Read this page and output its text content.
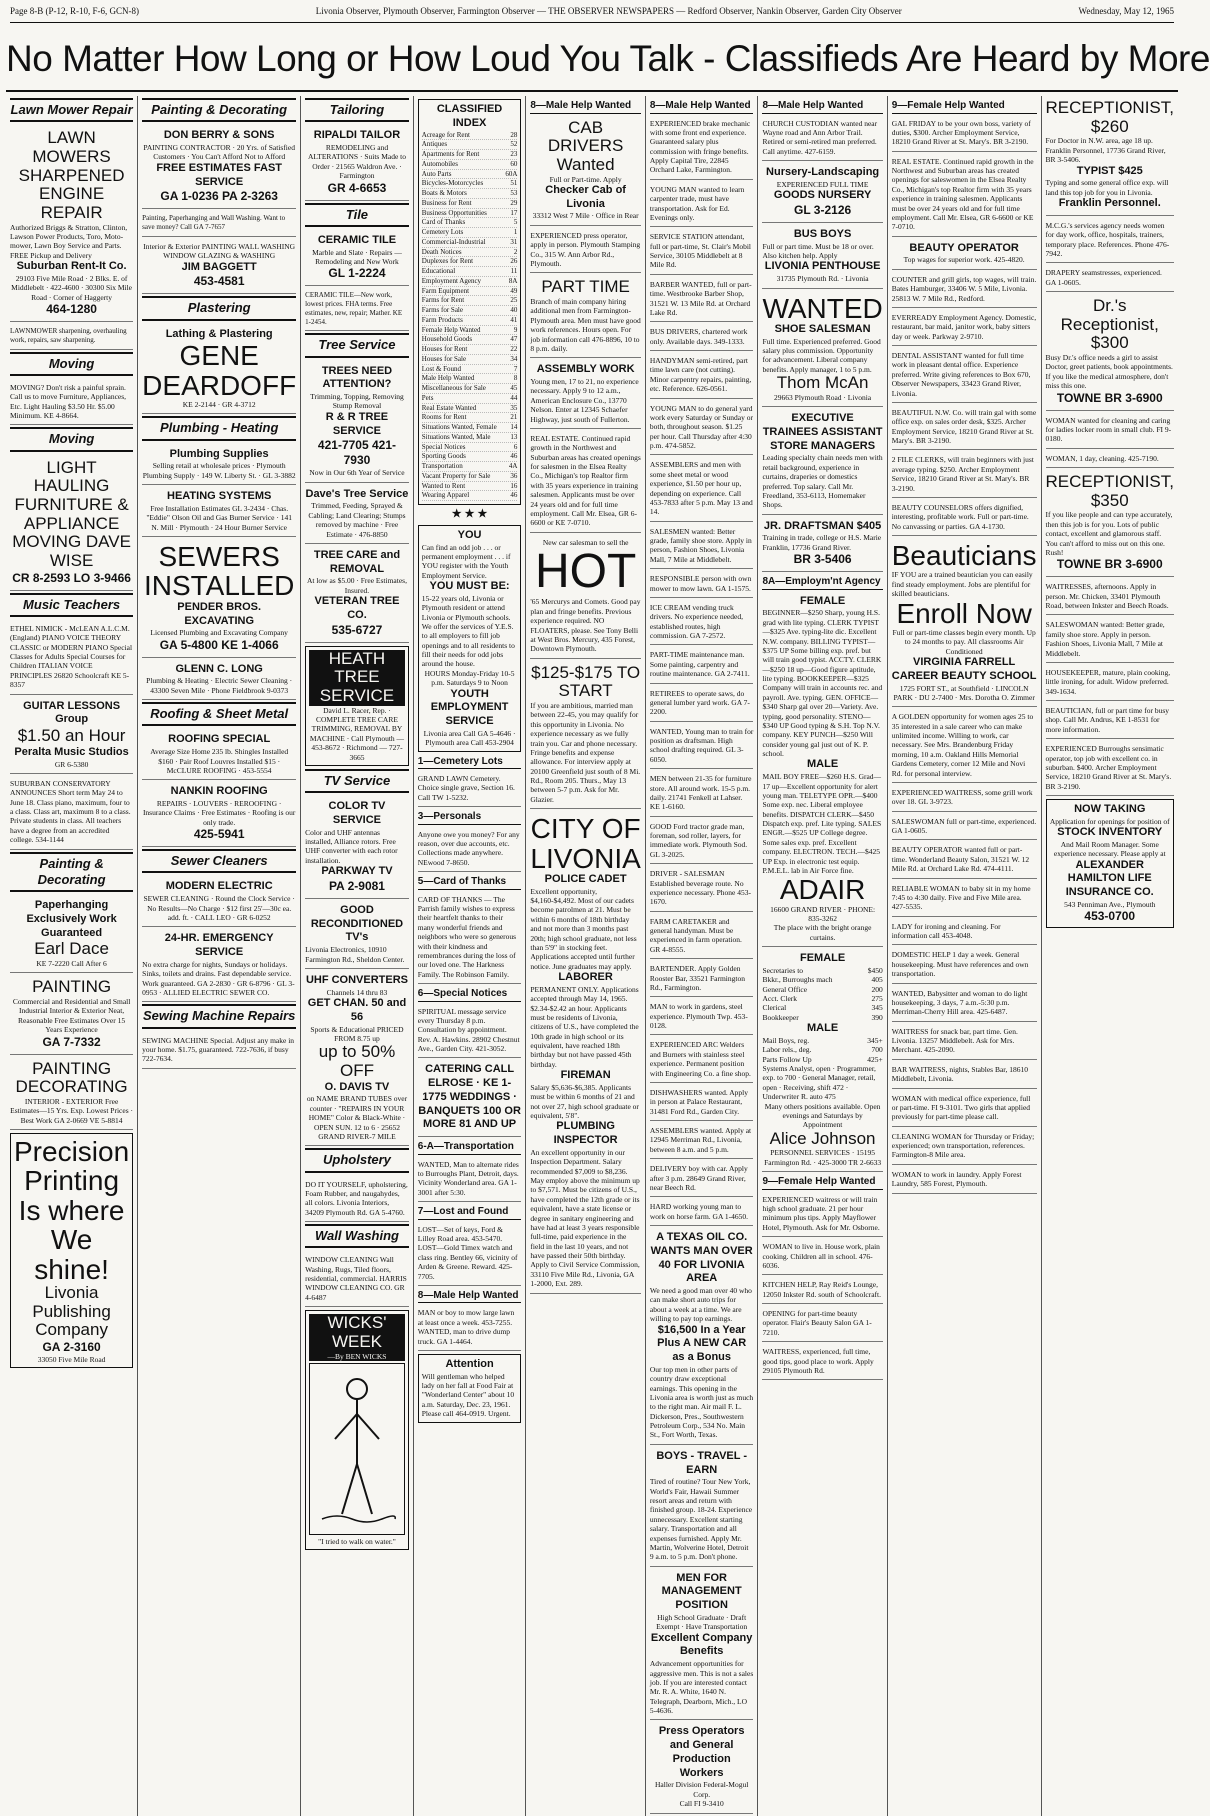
Page 8-B (P-12, R-10, F-6, GCN-8)	Livonia Observer, Plymouth Observer, Farmington Observer — THE OBSERVER NEWSPAPERS — Redford Observer, Nankin Observer, Garden City Observer	Wednesday, May 12, 1965
No Matter How Long or How Loud You Talk - Classifieds Are Heard by More
Lawn Mower Repair
LAWN MOWERS SHARPENED ENGINE REPAIR
Authorized Briggs & Stratton, Clinton, Lawson Power Products, Toro, Moto-mower, Lawn Boy Service and Parts. FREE Pickup and Delivery
Suburban Rent-It Co.
29103 Five Mile Road · 2 Blks. E. of Middlebelt · 422-4600 · 30300 Six Mile Road · Corner of Haggerty
464-1280
LAWNMOWER sharpening, overhauling work, repairs, saw sharpening.
Moving
MOVING? Don't risk a painful sprain. Call us to move Furniture, Appliances, Etc. Light Hauling $3.50 Hr. $5.00 Minimum. KE 4-8664.
Moving
LIGHT HAULING FURNITURE & APPLIANCE MOVING DAVE WISE
CR 8-2593 LO 3-9466
Music Teachers
ETHEL NIMICK - McLEAN A.L.C.M. (England) PIANO VOICE THEORY CLASSIC or MODERN PIANO Special Classes for Adults Special Courses for Children ITALIAN VOICE PRINCIPLES 26820 Schoolcraft KE 5-8357
GUITAR LESSONS Group
$1.50 an Hour
Peralta Music Studios
GR 6-5380
SUBURBAN CONSERVATORY ANNOUNCES Short term May 24 to June 18. Class piano, maximum, four to a class. Class art, maximum 8 to a class. Private students in class. All teachers have a degree from an accredited college. 534-1144
Painting & Decorating
Paperhanging Exclusively Work Guaranteed
Earl Dace
KE 7-2220 Call After 6
PAINTING
Commercial and Residential and Small Industrial Interior & Exterior Neat, Reasonable Free Estimates Over 15 Years Experience
GA 7-7332
PAINTING DECORATING
INTERIOR - EXTERIOR Free Estimates—15 Yrs. Exp. Lowest Prices · Best Work GA 2-0669 VE 5-8814
Precision Printing Is where We shine!
Livonia Publishing Company
GA 2-3160
33050 Five Mile Road
Painting & Decorating
DON BERRY & SONS
PAINTING CONTRACTOR · 20 Yrs. of Satisfied Customers · You Can't Afford Not to Afford
FREE ESTIMATES FAST SERVICE
GA 1-0236 PA 2-3263
Painting, Paperhanging and Wall Washing. Want to save money? Call GA 7-7657
Interior & Exterior PAINTING WALL WASHING WINDOW GLAZING & WASHING
JIM BAGGETT
453-4581
Plastering
Lathing & Plastering
GENE DEARDOFF
KE 2-2144 · GR 4-3712
Plumbing - Heating
Plumbing Supplies
Selling retail at wholesale prices · Plymouth Plumbing Supply · 149 W. Liberty St. · GL 3-3882
HEATING SYSTEMS
Free Installation Estimates GL 3-2434 · Chas. "Eddie" Olson Oil and Gas Burner Service · 141 N. Mill · Plymouth · 24 Hour Burner Service
SEWERS INSTALLED
PENDER BROS. EXCAVATING
Licensed Plumbing and Excavating Company
GA 5-4800 KE 1-4066
GLENN C. LONG
Plumbing & Heating · Electric Sewer Cleaning · 43300 Seven Mile · Phone Fieldbrook 9-0373
Roofing & Sheet Metal
ROOFING SPECIAL
Average Size Home 235 lb. Shingles Installed $160 · Pair Roof Louvres Installed $15 · McCLURE ROOFING · 453-5554
NANKIN ROOFING
REPAIRS · LOUVERS · REROOFING · Insurance Claims · Free Estimates · Roofing is our only trade.
425-5941
Sewer Cleaners
MODERN ELECTRIC
SEWER CLEANING · Round the Clock Service · No Results—No Charge · $12 first 25'—30c ea. add. ft. · CALL LEO · GR 6-0252
24-HR. EMERGENCY SERVICE
No extra charge for nights, Sundays or holidays. Sinks, toilets and drains. Fast dependable service. Work guaranteed. GA 2-2830 · GR 6-8796 · GL 3-0953 · ALLIED ELECTRIC SEWER CO.
Sewing Machine Repairs
SEWING MACHINE Special. Adjust any make in your home. $1.75, guaranteed. 722-7636, if busy 722-7634.
Tailoring
RIPALDI TAILOR
REMODELING and ALTERATIONS · Suits Made to Order · 21565 Waldron Ave. · Farmington
GR 4-6653
Tile
CERAMIC TILE
Marble and Slate · Repairs — Remodeling and New Work
GL 1-2224
CERAMIC TILE—New work, lowest prices. FHA terms. Free estimates, new, repair; Mather. KE 1-2454.
Tree Service
TREES NEED ATTENTION?
Trimming, Topping, Removing Stump Removal
R & R TREE SERVICE
421-7705 421-7930
Now in Our 6th Year of Service
Dave's Tree Service
Trimmed, Feeding, Sprayed & Cabling; Land Clearing; Stumps removed by machine · Free Estimate · 476-8850
TREE CARE and REMOVAL
At low as $5.00 · Free Estimates, Insured.
VETERAN TREE CO.
535-6727
HEATH TREE SERVICE
David L. Racer, Rep. · COMPLETE TREE CARE TRIMMING, REMOVAL BY MACHINE · Call Plymouth — 453-8672 · Richmond — 727-3665
TV Service
COLOR TV SERVICE
Color and UHF antennas installed, Alliance rotors. Free UHF converter with each rotor installation.
PARKWAY TV
PA 2-9081
GOOD RECONDITIONED TV's
Livonia Electronics, 10910 Farmington Rd., Sheldon Center.
UHF CONVERTERS
Channels 14 thru 83
GET CHAN. 50 and 56
Sports & Educational PRICED FROM 8.75 up
up to 50% OFF
O. DAVIS TV
on NAME BRAND TUBES over counter · "REPAIRS IN YOUR HOME" Color & Black-White · OPEN SUN. 12 to 6 · 25652 GRAND RIVER-7 MILE
Upholstery
DO IT YOURSELF, upholstering, Foam Rubber, and naugahydes, all colors. Livonia Interiors, 34209 Plymouth Rd. GA 5-4760.
Wall Washing
WINDOW CLEANING Wall Washing, Rugs, Tiled floors, residential, commercial. HARRIS WINDOW CLEANING CO. GR 4-6487
WICKS' WEEK
—By BEN WICKS
"I tried to walk on water."
CLASSIFIED INDEX
Acreage for Rent	28
Antiques	52
Apartments for Rent	23
Automobiles	60
Auto Parts	60A
Bicycles-Motorcycles	51
Boats & Motors	53
Business for Rent	29
Business Opportunities	17
Card of Thanks	5
Cemetery Lots	1
Commercial-Industrial	31
Death Notices	2
Duplexes for Rent	26
Educational	11
Employment Agency	8A
Farm Equipment	49
Farms for Rent	25
Farms for Sale	40
Farm Products	41
Female Help Wanted	9
Household Goods	47
Houses for Rent	22
Houses for Sale	34
Lost & Found	7
Male Help Wanted	8
Miscellaneous for Sale	45
Pets	44
Real Estate Wanted	35
Rooms for Rent	21
Situations Wanted, Female 14
Situations Wanted, Male	13
Special Notices	6
Sporting Goods	46
Transportation	4A
Vacant Property for Sale	36
Wanted to Rent	16
Wearing Apparel	46
★ ★ ★
YOU
Can find an odd job . . . or permanent employment . . . if YOU register with the Youth Employment Service.
YOU MUST BE:
15-22 years old, Livonia or Plymouth resident or attend Livonia or Plymouth schools. We offer the services of Y.E.S. to all employers to fill job openings and to all residents to fill their needs for odd jobs around the house.
HOURS Monday-Friday 10-5 p.m. Saturdays 9 to Noon
YOUTH EMPLOYMENT SERVICE
Livonia area Call GA 5-4646 · Plymouth area Call 453-2904
1—Cemetery Lots
GRAND LAWN Cemetery. Choice single grave, Section 16. Call TW 1-5232.
3—Personals
Anyone owe you money? For any reason, over due accounts, etc. Collections made anywhere. NEwood 7-8650.
5—Card of Thanks
CARD OF THANKS — The Parrish family wishes to express their heartfelt thanks to their many wonderful friends and neighbors who were so generous with their kindness and remembrances during the loss of our loved one. The Harkness Family. The Robinson Family.
6—Special Notices
SPIRITUAL message service every Thursday 8 p.m. Consultation by appointment. Rev. A. Hawkins. 28902 Chestnut Ave., Garden City. 421-3052.
CATERING CALL ELROSE · KE 1-1775 WEDDINGS · BANQUETS 100 OR MORE 81 AND UP
6-A—Transportation
WANTED, Man to alternate rides to Burroughs Plant, Detroit, days. Vicinity Wonderland area. GA 1-3001 after 5:30.
7—Lost and Found
LOST—Set of keys, Ford & Lilley Road area. 453-5470. LOST—Gold Timex watch and class ring. Bentley 66, vicinity of Arden & Greene. Reward. 425-7705.
8—Male Help Wanted
MAN or boy to mow large lawn at least once a week. 453-7255. WANTED, man to drive dump truck. GA 1-4464.
Attention
Will gentleman who helped lady on her fall at Food Fair at "Wonderland Center" about 10 a.m. Saturday, Dec. 23, 1961. Please call 464-0919. Urgent.
8—Male Help Wanted
CAB DRIVERS Wanted
Full or Part-time. Apply
Checker Cab of Livonia
33312 West 7 Mile · Office in Rear
EXPERIENCED press operator, apply in person. Plymouth Stamping Co., 315 W. Ann Arbor Rd., Plymouth.
PART TIME
Branch of main company hiring additional men from Farmington-Plymouth area. Men must have good work references. Hours open. For job information call 476-8896, 10 to 8 p.m. daily.
ASSEMBLY WORK
Young men, 17 to 21, no experience necessary. Apply 9 to 12 a.m., American Enclosure Co., 13770 Nelson. Enter at 12345 Schaefer Highway, just south of Fullerton.
REAL ESTATE. Continued rapid growth in the Northwest and Suburban areas has created openings for salesmen in the Elsea Realty Co., Michigan's top Realtor firm with 35 years experience in training salesmen. Applicants must be over 24 years old and for full time employment. Call Mr. Elsea, GR 6-6600 or KE 7-0710.
New car salesman to sell the
HOT
'65 Mercurys and Comets. Good pay plan and fringe benefits. Previous experience required. NO FLOATERS, please. See Tony Belli at West Bros. Mercury, 435 Forest, Downtown Plymouth.
$125-$175 TO START
If you are ambitious, married man between 22-45, you may qualify for this opportunity in Livonia. No experience necessary as we fully train you. Car and phone necessary. Fringe benefits and expense allowance. For interview apply at 20100 Greenfield just south of 8 Mi. Rd., Room 205. Thurs., May 13 between 5-7 p.m. Ask for Mr. Glazier.
CITY OF LIVONIA
POLICE CADET
Excellent opportunity, $4,160-$4,492. Most of our cadets become patrolmen at 21. Must be within 6 months of 18th birthday and not more than 3 months past 20th; high school graduate, not less than 5'9" in stocking feet. Applications accepted until further notice. June graduates may apply.
LABORER
PERMANENT ONLY. Applications accepted through May 14, 1965. $2.34-$2.42 an hour. Applicants must be residents of Livonia, citizens of U.S., have completed the 10th grade in high school or its equivalent, have reached 18th birthday but not have passed 45th birthday.
FIREMAN
Salary $5,636-$6,385. Applicants must be within 6 months of 21 and not over 27, high school graduate or equivalent, 5'8".
PLUMBING INSPECTOR
An excellent opportunity in our Inspection Department. Salary recommended $7,009 to $8,236. May employ above the minimum up to $7,571. Must be citizens of U.S., have completed the 12th grade or its equivalent, have a state license or degree in sanitary engineering and have had at least 3 years responsible full-time, paid experience in the field in the last 10 years, and not have passed their 50th birthday. Apply to Civil Service Commission, 33110 Five Mile Rd., Livonia, GA 1-2000, Ext. 289.
8—Male Help Wanted
EXPERIENCED brake mechanic with some front end experience. Guaranteed salary plus commission with fringe benefits. Apply Capital Tire, 22845 Orchard Lake, Farmington.
YOUNG MAN wanted to learn carpenter trade, must have transportation. Ask for Ed. Evenings only.
SERVICE STATION attendant, full or part-time, St. Clair's Mobil Service, 30105 Middlebelt at 8 Mile Rd.
BARBER WANTED, full or part-time. Westbrooke Barber Shop, 31521 W. 13 Mile Rd. at Orchard Lake Rd.
BUS DRIVERS, chartered work only. Available days. 349-1333.
HANDYMAN semi-retired, part time lawn care (not cutting). Minor carpentry repairs, painting, etc. Reference. 626-0561.
YOUNG MAN to do general yard work every Saturday or Sunday or both, throughout season. $1.25 per hour. Call Thursday after 4:30 p.m. 474-5852.
ASSEMBLERS and men with some sheet metal or wood experience, $1.50 per hour up, depending on experience. Call 453-7833 after 5 p.m. May 13 and 14.
SALESMEN wanted: Better grade, family shoe store. Apply in person, Fashion Shoes, Livonia Mall, 7 Mile at Middlebelt.
RESPONSIBLE person with own mower to mow lawn. GA 1-1575.
ICE CREAM vending truck drivers. No experience needed, established routes, high commission. GA 7-2572.
PART-TIME maintenance man. Some painting, carpentry and routine maintenance. GA 2-7411.
RETIREES to operate saws, do general lumber yard work. GA 7-2200.
WANTED, Young man to train for position as draftsman. High school drafting required. GL 3-6050.
MEN between 21-35 for furniture store. All around work. 15-5 p.m. daily. 21741 Fenkell at Lahser. KE 1-6160.
GOOD Ford tractor grade man, foreman, sod roller, layers, for immediate work. Plymouth Sod. GL 3-2025.
DRIVER - SALESMAN Established beverage route. No experience necessary. Phone 453-1670.
FARM CARETAKER and general handyman. Must be experienced in farm operation. GR 4-8555.
BARTENDER. Apply Golden Rooster Bar, 33521 Farmington Rd., Farmington.
MAN to work in gardens, steel experience. Plymouth Twp. 453-0128.
EXPERIENCED ARC Welders and Burners with stainless steel experience. Permanent position with Engineering Co. a fine shop.
DISHWASHERS wanted. Apply in person at Palace Restaurant, 31481 Ford Rd., Garden City.
ASSEMBLERS wanted. Apply at 12945 Merriman Rd., Livonia, between 8 a.m. and 5 p.m.
DELIVERY boy with car. Apply after 3 p.m. 28649 Grand River, near Beech Rd.
HARD working young man to work on horse farm. GA 1-4650.
A TEXAS OIL CO. WANTS MAN OVER 40 FOR LIVONIA AREA
We need a good man over 40 who can make short auto trips for about a week at a time. We are willing to pay top earnings.
$16,500 In a Year Plus A NEW CAR as a Bonus
Our top men in other parts of country draw exceptional earnings. This opening in the Livonia area is worth just as much to the right man. Air mail F. L. Dickerson, Pres., Southwestern Petroleum Corp., 534 No. Main St., Fort Worth, Texas.
BOYS - TRAVEL - EARN
Tired of routine? Tour New York, World's Fair, Hawaii Summer resort areas and return with finished group. 18-24. Experience unnecessary. Excellent starting salary. Transportation and all expenses furnished. Apply Mr. Martin, Wolverine Hotel, Detroit 9 a.m. to 5 p.m. Don't phone.
MEN FOR MANAGEMENT POSITION
High School Graduate · Draft Exempt · Have Transportation
Excellent Company Benefits
Advancement opportunities for aggressive men. This is not a sales job. If you are interested contact Mr. R. A. White, 1640 N. Telegraph, Dearborn, Mich., LO 5-4636.
Press Operators and General Production Workers
Haller Division Federal-Mogul Corp.
Call FI 9-3410
8—Male Help Wanted
CHURCH CUSTODIAN wanted near Wayne road and Ann Arbor Trail. Retired or semi-retired man preferred. Call anytime. 427-6159.
Nursery-Landscaping
EXPERIENCED FULL TIME
GOODS NURSERY
GL 3-2126
BUS BOYS
Full or part time. Must be 18 or over. Also kitchen help. Apply
LIVONIA PENTHOUSE
31735 Plymouth Rd. · Livonia
WANTED
SHOE SALESMAN
Full time. Experienced preferred. Good salary plus commission. Opportunity for advancement. Liberal company benefits. Apply manager, 1 to 5 p.m.
Thom McAn
29663 Plymouth Road · Livonia
EXECUTIVE TRAINEES ASSISTANT STORE MANAGERS
Leading specialty chain needs men with retail background, experience in curtains, draperies or domestics preferred. Top salary. Call Mr. Freedland, 353-6113, Homemaker Shops.
JR. DRAFTSMAN $405
Training in trade, college or H.S. Marie Franklin, 17736 Grand River.
BR 3-5406
8A—Employm'nt Agency
FEMALE
BEGINNER—$250 Sharp, young H.S. grad with lite typing. CLERK TYPIST—$325 Ave. typing-lite dic. Excellent N.W. company. BILLING TYPIST—$375 UP Some billing exp. pref. but will train good typist. ACCTY. CLERK—$250 18 up—Good figure aptitude, lite typing. BOOKKEEPER—$325 Company will train in accounts rec. and payroll. Ave. typing. GEN. OFFICE—$340 Sharp gal over 20—Variety. Ave. typing, good personality. STENO—$340 UP Good typing & S.H. Top N.V. company. KEY PUNCH—$250 Will consider young gal just out of K. P. school.
MALE
MAIL BOY FREE—$260 H.S. Grad—17 up—Excellent opportunity for alert young man. TELETYPE OPR.—$400 Some exp. nec. Liberal employee benefits. DISPATCH CLERK—$450 Dispatch exp. pref. Lite typing. SALES ENGR.—$525 UP College degree. Some sales exp. pref. Excellent company. ELECTRON. TECH.—$425 UP Exp. in electronic test equip. P.M.E.L. lab in Air Force fine.
ADAIR
16600 GRAND RIVER · PHONE: 835-3262
The place with the bright orange curtains.
FEMALE
Secretaries to	$450
Bkkr., Burroughs mach	405
General Office	200
Acct. Clerk	275
Clerical	345
Bookkeeper	390
MALE
Mail Boys, reg.	345+
Labor rels., deg.	700
Parts Follow Up	425+
Systems Analyst, open · Programmer, exp. to 700 · General Manager, retail, open · Receiving, shift 472 · Underwriter R. auto 475
Many others positions available. Open evenings and Saturdays by Appointment
Alice Johnson
PERSONNEL SERVICES · 15195 Farmington Rd. · 425-3000 TR 2-6633
9—Female Help Wanted
EXPERIENCED waitress or will train high school graduate. 21 per hour minimum plus tips. Apply Mayflower Hotel, Plymouth. Ask for Mr. Osborne.
WOMAN to live in. House work, plain cooking. Children all in school. 476-6036.
KITCHEN HELP, Ray Reid's Lounge, 12050 Inkster Rd. south of Schoolcraft.
OPENING for part-time beauty operator. Flair's Beauty Salon GA 1-7210.
WAITRESS, experienced, full time, good tips, good place to work. Apply 29105 Plymouth Rd.
9—Female Help Wanted
GAL FRIDAY to be your own boss, variety of duties, $300. Archer Employment Service, 18210 Grand River at St. Mary's. BR 3-2190.
REAL ESTATE. Continued rapid growth in the Northwest and Suburban areas has created openings for saleswomen in the Elsea Realty Co., Michigan's top Realtor firm with 35 years experience in training salesmen. Applicants must be over 24 years old and for full time employment. Call Mr. Elsea, GR 6-6600 or KE 7-0710.
BEAUTY OPERATOR
Top wages for superior work. 425-4820.
COUNTER and grill girls, top wages, will train. Bates Hamburger, 33406 W. 5 Mile, Livonia. 25813 W. 7 Mile Rd., Redford.
EVERREADY Employment Agency. Domestic, restaurant, bar maid, janitor work, baby sitters day or week. Parkway 2-9710.
DENTAL ASSISTANT wanted for full time work in pleasant dental office. Experience preferred. Write giving references to Box 670, Observer Newspapers, 33423 Grand River, Livonia.
BEAUTIFUL N.W. Co. will train gal with some office exp. on sales order desk, $325. Archer Employment Service, 18210 Grand River at St. Mary's. BR 3-2190.
2 FILE CLERKS, will train beginners with just average typing. $250. Archer Employment Service, 18210 Grand River at St. Mary's. BR 3-2190.
BEAUTY COUNSELORS offers dignified, interesting, profitable work. Full or part-time. No canvassing or parties. GA 4-1730.
Beauticians
IF YOU are a trained beautician you can easily find steady employment. Jobs are plentiful for skilled beauticians.
Enroll Now
Full or part-time classes begin every month. Up to 24 months to pay. All classrooms Air Conditioned
VIRGINIA FARRELL CAREER BEAUTY SCHOOL
1725 FORT ST., at Southfield · LINCOLN PARK · DU 2-7400 · Mrs. Dorotha O. Zimmer
A GOLDEN opportunity for women ages 25 to 35 interested in a sale career who can make unlimited income. Willing to work, car necessary. See Mrs. Brandenburg Friday morning, 10 a.m. Oakland Hills Memorial Gardens Cemetery, corner 12 Mile and Novi Rd. for personal interview.
EXPERIENCED WAITRESS, some grill work over 18. GL 3-9723.
SALESWOMAN full or part-time, experienced. GA 1-0605.
BEAUTY OPERATOR wanted full or part-time. Wonderland Beauty Salon, 31521 W. 12 Mile Rd. at Orchard Lake Rd. 474-4111.
RELIABLE WOMAN to baby sit in my home 7:45 to 4:30 daily. Five and Five Mile area. 427-5535.
LADY for ironing and cleaning. For information call 453-4048.
DOMESTIC HELP 1 day a week. General housekeeping. Must have references and own transportation.
WANTED, Babysitter and woman to do light housekeeping, 3 days, 7 a.m.-5:30 p.m. Merriman-Cherry Hill area. 425-6487.
WAITRESS for snack bar, part time. Gen. Livonia. 13257 Middlebelt. Ask for Mrs. Merchant. 425-2090.
BAR WAITRESS, nights, Stables Bar, 18610 Middlebelt, Livonia.
WOMAN with medical office experience, full or part-time. FI 9-3101. Two girls that applied previously for part-time please call.
CLEANING WOMAN for Thursday or Friday; experienced; own transportation, references. Farmington-8 Mile area.
WOMAN to work in laundry. Apply Forest Laundry, 585 Forest, Plymouth.
RECEPTIONIST, $260
For Doctor in N.W. area, age 18 up. Franklin Personnel, 17736 Grand River, BR 3-5406.
TYPIST $425
Typing and some general office exp. will land this top job for you in Livonia.
Franklin Personnel.
M.C.G.'s services agency needs women for day work, office, hospitals, trainers, temporary place. References. Phone 476-7942.
DRAPERY seamstresses, experienced. GA 1-0605.
Dr.'s Receptionist, $300
Busy Dr.'s office needs a girl to assist Doctor, greet patients, book appointments. If you like the medical atmosphere, don't miss this one.
TOWNE BR 3-6900
WOMAN wanted for cleaning and caring for ladies locker room in small club. FI 9-0180.
WOMAN, 1 day, cleaning. 425-7190.
RECEPTIONIST, $350
If you like people and can type accurately, then this job is for you. Lots of public contact, excellent and glamorous staff. You can't afford to miss out on this one. Rush!
TOWNE BR 3-6900
WAITRESSES, afternoons. Apply in person. Mr. Chicken, 33401 Plymouth Road, between Inkster and Beech Roads.
SALESWOMAN wanted: Better grade, family shoe store. Apply in person. Fashion Shoes, Livonia Mall, 7 Mile at Middlebelt.
HOUSEKEEPER, mature, plain cooking, little ironing, for adult. Widow preferred. 349-1634.
BEAUTICIAN, full or part time for busy shop. Call Mr. Andrus, KE 1-8531 for more information.
EXPERIENCED Burroughs sensimatic operator, top job with excellent co. in suburban. $400. Archer Employment Service, 18210 Grand River at St. Mary's. BR 3-2190.
NOW TAKING
Application for openings for position of
STOCK INVENTORY
And Mail Room Manager. Some experience necessary. Please apply at
ALEXANDER HAMILTON LIFE INSURANCE CO.
543 Penniman Ave., Plymouth
453-0700
